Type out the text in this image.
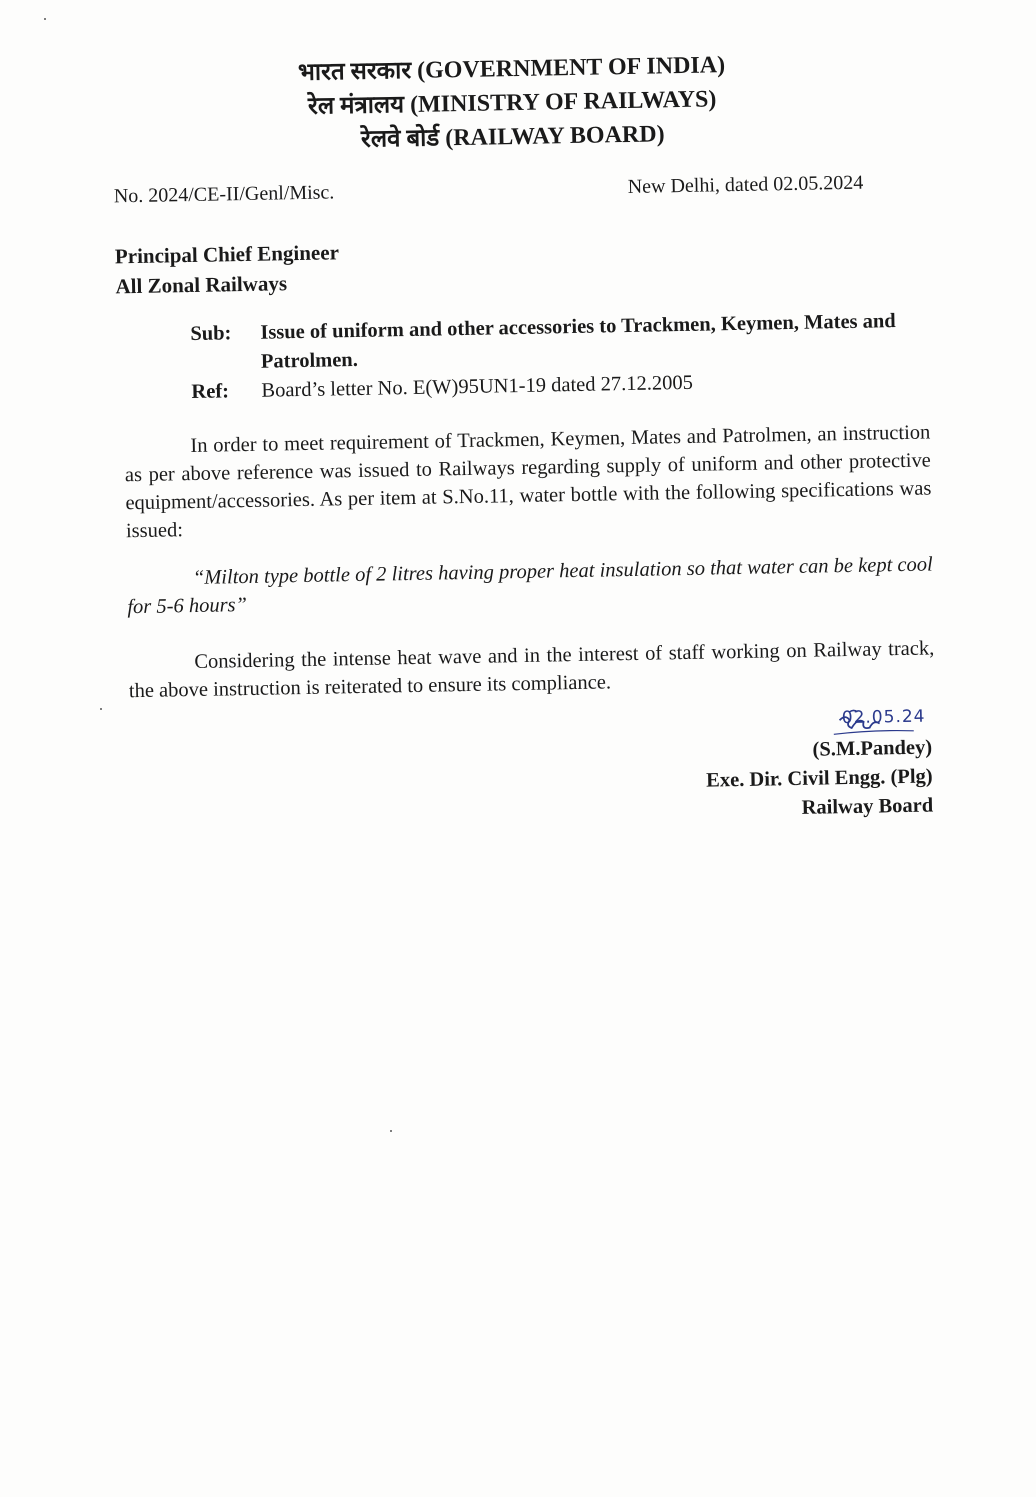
भारत सरकार (GOVERNMENT OF INDIA)
रेल मंत्रालय (MINISTRY OF RAILWAYS)
रेलवे बोर्ड (RAILWAY BOARD)
No. 2024/CE-II/Genl/Misc.	New Delhi, dated 02.05.2024
Principal Chief Engineer
All Zonal Railways
Sub:	Issue of uniform and other accessories to Trackmen, Keymen, Mates and Patrolmen.
Ref:	Board’s letter No. E(W)95UN1-19 dated 27.12.2005
In order to meet requirement of Trackmen, Keymen, Mates and Patrolmen, an instruction as per above reference was issued to Railways regarding supply of uniform and other protective equipment/accessories. As per item at S.No.11, water bottle with the following specifications was issued:
“Milton type bottle of 2 litres having proper heat insulation so that water can be kept cool for 5-6 hours”
Considering the intense heat wave and in the interest of staff working on Railway track, the above instruction is reiterated to ensure its compliance.
02.05.24
(S.M.Pandey)
Exe. Dir. Civil Engg. (Plg)
Railway Board
